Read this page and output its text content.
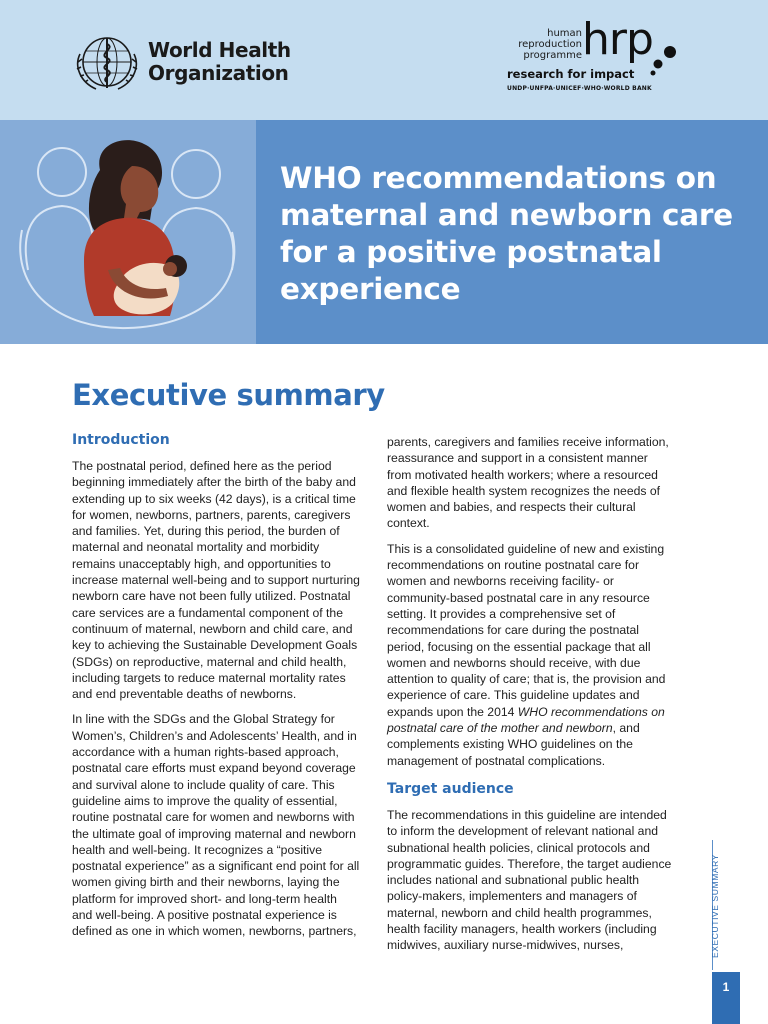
World Health
Organization
human
reproduction
programme hrp
research for impact
UNDP·UNFPA·UNICEF·WHO·WORLD BANK
WHO recommendations on maternal and newborn care for a positive postnatal experience
Executive summary
Introduction

The postnatal period, defined here as the period beginning immediately after the birth of the baby and extending up to six weeks (42 days), is a critical time for women, newborns, partners, parents, caregivers and families. Yet, during this period, the burden of maternal and neonatal mortality and morbidity remains unacceptably high, and opportunities to increase maternal well-being and to support nurturing newborn care have not been fully utilized. Postnatal care services are a fundamental component of the continuum of maternal, newborn and child care, and key to achieving the Sustainable Development Goals (SDGs) on reproductive, maternal and child health, including targets to reduce maternal mortality rates and end preventable deaths of newborns.

In line with the SDGs and the Global Strategy for Women’s, Children’s and Adolescents’ Health, and in accordance with a human rights-based approach, postnatal care efforts must expand beyond coverage and survival alone to include quality of care. This guideline aims to improve the quality of essential, routine postnatal care for women and newborns with the ultimate goal of improving maternal and newborn health and well-being. It recognizes a “positive postnatal experience” as a significant end point for all women giving birth and their newborns, laying the platform for improved short- and long-term health and well-being. A positive postnatal experience is defined as one in which women, newborns, partners,

parents, caregivers and families receive information, reassurance and support in a consistent manner from motivated health workers; where a resourced and flexible health system recognizes the needs of women and babies, and respects their cultural context.

This is a consolidated guideline of new and existing recommendations on routine postnatal care for women and newborns receiving facility- or community-based postnatal care in any resource setting. It provides a comprehensive set of recommendations for care during the postnatal period, focusing on the essential package that all women and newborns should receive, with due attention to quality of care; that is, the provision and experience of care. This guideline updates and expands upon the 2014 WHO recommendations on postnatal care of the mother and newborn, and complements existing WHO guidelines on the management of postnatal complications.

Target audience

The recommendations in this guideline are intended to inform the development of relevant national and subnational health policies, clinical protocols and programmatic guides. Therefore, the target audience includes national and subnational public health policy-makers, implementers and managers of maternal, newborn and child health programmes, health facility managers, health workers (including midwives, auxiliary nurse-midwives, nurses,	EXECUTIVE SUMMARY
1
